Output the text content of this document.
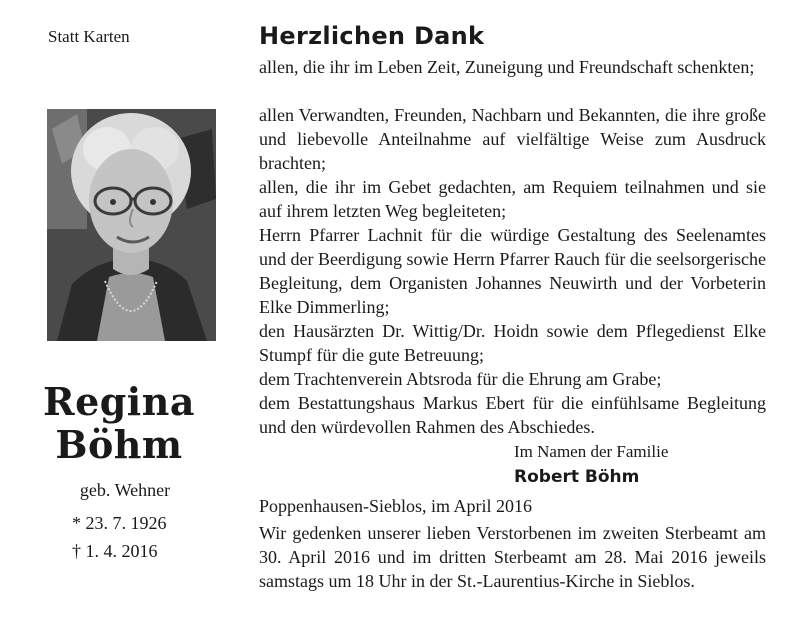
Statt Karten
Regina
Böhm
geb. Wehner
* 23. 7. 1926
† 1. 4. 2016
Herzlichen Dank
allen, die ihr im Leben Zeit, Zuneigung und Freundschaft schenkten;
allen Verwandten, Freunden, Nachbarn und Bekannten, die ihre große und liebevolle Anteilnahme auf vielfältige Weise zum Ausdruck brachten;
allen, die ihr im Gebet gedachten, am Requiem teilnahmen und sie auf ihrem letzten Weg begleiteten;
Herrn Pfarrer Lachnit für die würdige Gestaltung des Seelenamtes und der Beerdigung sowie Herrn Pfarrer Rauch für die seelsorgerische Begleitung, dem Organisten Johannes Neuwirth und der Vorbeterin Elke Dimmerling;
den Hausärzten Dr. Wittig/Dr. Hoidn sowie dem Pflegedienst Elke Stumpf für die gute Betreuung;
dem Trachtenverein Abtsroda für die Ehrung am Grabe;
dem Bestattungshaus Markus Ebert für die einfühlsame Begleitung und den würdevollen Rahmen des Abschiedes.
Im Namen der Familie
Robert Böhm
Poppenhausen-Sieblos, im April 2016
Wir gedenken unserer lieben Verstorbenen im zweiten Sterbeamt am 30. April 2016 und im dritten Sterbeamt am 28. Mai 2016 jeweils samstags um 18 Uhr in der St.-Laurentius-Kirche in Sieblos.
